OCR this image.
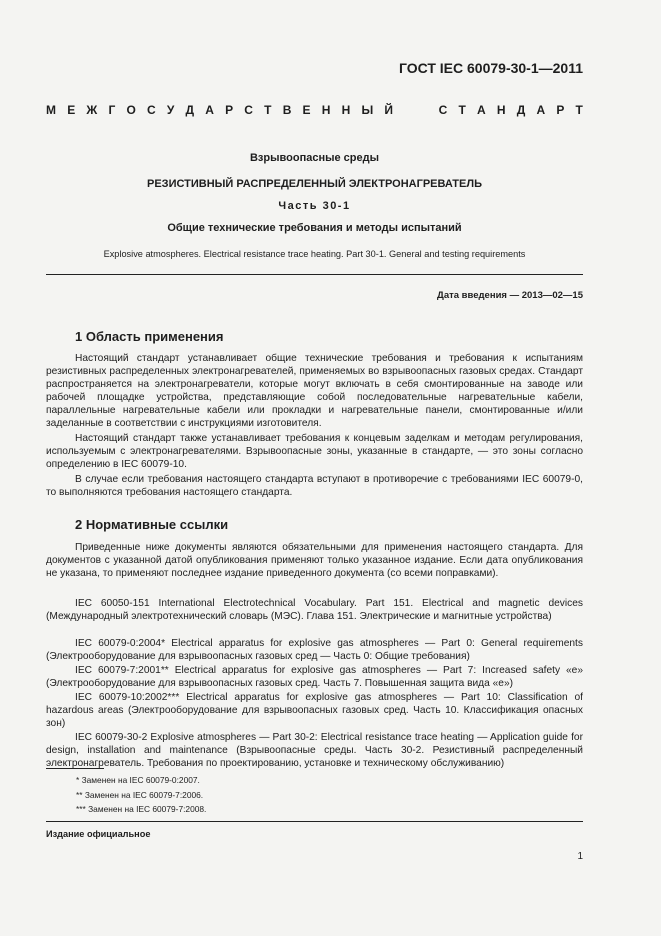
ГОСТ IEC 60079-30-1—2011
М Е Ж Г О С У Д А Р С Т В Е Н Н Ы Й	С Т А Н Д А Р Т
Взрывоопасные среды
РЕЗИСТИВНЫЙ РАСПРЕДЕЛЕННЫЙ ЭЛЕКТРОНАГРЕВАТЕЛЬ
Часть 30-1
Общие технические требования и методы испытаний
Explosive atmospheres. Electrical resistance trace heating. Part 30-1. General and testing requirements
Дата введения — 2013—02—15
1 Область применения
Настоящий стандарт устанавливает общие технические требования и требования к испытаниям резистивных распределенных электронагревателей, применяемых во взрывоопасных газовых средах. Стандарт распространяется на электронагреватели, которые могут включать в себя смонтированные на заводе или рабочей площадке устройства, представляющие собой последовательные нагревательные кабели, параллельные нагревательные кабели или прокладки и нагревательные панели, смонтированные и/или заделанные в соответствии с инструкциями изготовителя.
Настоящий стандарт также устанавливает требования к концевым заделкам и методам регулирования, используемым с электронагревателями. Взрывоопасные зоны, указанные в стандарте, — это зоны согласно определению в IEC 60079-10.
В случае если требования настоящего стандарта вступают в противоречие с требованиями IEC 60079-0, то выполняются требования настоящего стандарта.
2 Нормативные ссылки
Приведенные ниже документы являются обязательными для применения настоящего стандарта. Для документов с указанной датой опубликования применяют только указанное издание. Если дата опубликования не указана, то применяют последнее издание приведенного документа (со всеми поправками).
IEC 60050-151 International Electrotechnical Vocabulary. Part 151. Electrical and magnetic devices (Международный электротехнический словарь (МЭС). Глава 151. Электрические и магнитные устройства)
IEC 60079-0:2004* Electrical apparatus for explosive gas atmospheres — Part 0: General requirements (Электрооборудование для взрывоопасных газовых сред — Часть 0: Общие требования)
IEC 60079-7:2001** Electrical apparatus for explosive gas atmospheres — Part 7: Increased safety «e» (Электрооборудование для взрывоопасных газовых сред. Часть 7. Повышенная защита вида «е»)
IEC 60079-10:2002*** Electrical apparatus for explosive gas atmospheres — Part 10: Classification of hazardous areas (Электрооборудование для взрывоопасных газовых сред. Часть 10. Классификация опасных зон)
IEC 60079-30-2 Explosive atmospheres — Part 30-2: Electrical resistance trace heating — Application guide for design, installation and maintenance (Взрывоопасные среды. Часть 30-2. Резистивный распределенный электронагреватель. Требования по проектированию, установке и техническому обслуживанию)
* Заменен на IEC 60079-0:2007.
** Заменен на IEC 60079-7:2006.
*** Заменен на IEC 60079-7:2008.
Издание официальное
1
